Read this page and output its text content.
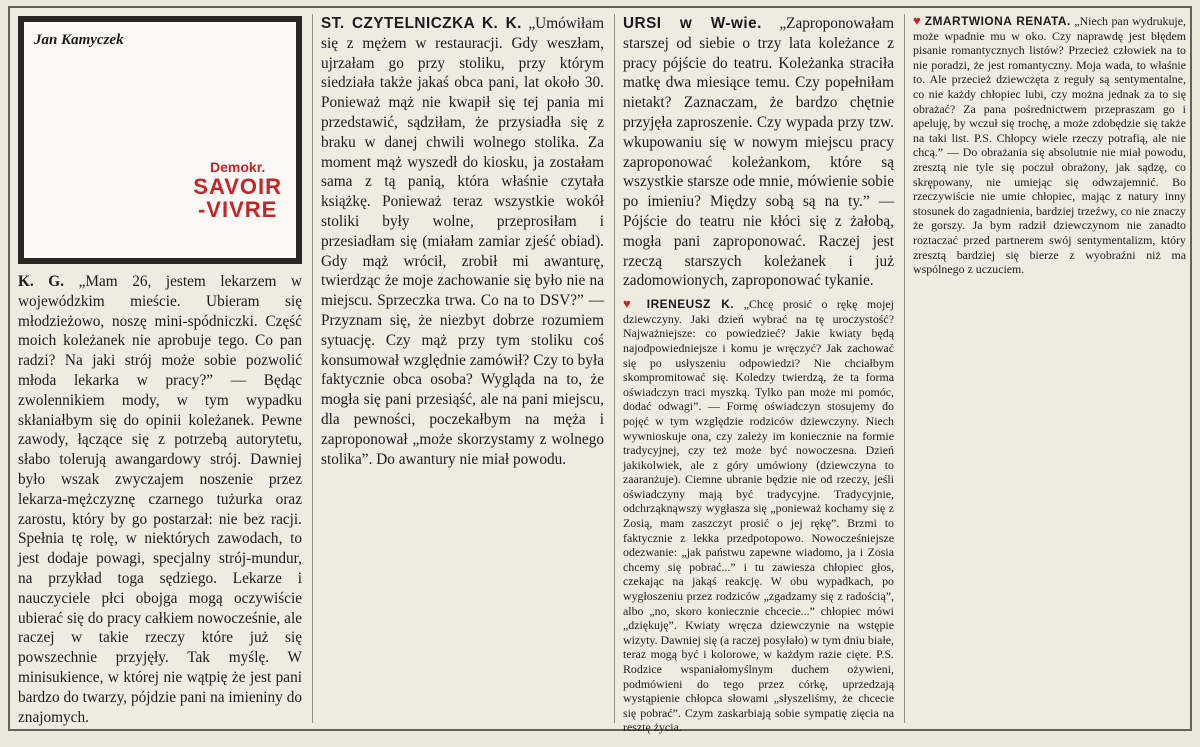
Jan Kamyczek
Demokr.
SAVOIR
-VIVRE

K. G. „Mam 26, jestem lekarzem w wojewódzkim mieście. Ubieram się młodzieżowo, noszę mini-spódniczki. Część moich koleżanek nie aprobuje tego. Co pan radzi? Na jaki strój może sobie pozwolić młoda lekarka w pracy?” — Będąc zwolennikiem mody, w tym wypadku skłaniałbym się do opinii koleżanek. Pewne zawody, łączące się z potrzebą autorytetu, słabo tolerują awangardowy strój. Dawniej było wszak zwyczajem noszenie przez lekarza-mężczyznę czarnego tużurka oraz zarostu, który by go postarzał: nie bez racji. Spełnia tę rolę, w niektórych zawodach, to jest dodaje powagi, specjalny strój-mundur, na przykład toga sędziego. Lekarze i nauczyciele płci obojga mogą oczywiście ubierać się do pracy całkiem nowocześnie, ale raczej w takie rzeczy które już się powszechnie przyjęły. Tak myślę. W minisukience, w której nie wątpię że jest pani bardzo do twarzy, pójdzie pani na imieniny do znajomych.

ST. CZYTELNICZKA K. K. „Umówiłam się z mężem w restauracji. Gdy weszłam, ujrzałam go przy stoliku, przy którym siedziała także jakaś obca pani, lat około 30. Ponieważ mąż nie kwapił się tej pania mi przedstawić, sądziłam, że przysiadła się z braku w danej chwili wolnego stolika. Za moment mąż wyszedł do kiosku, ja zostałam sama z tą panią, która właśnie czytała książkę. Ponieważ teraz wszystkie wokół stoliki były wolne, przeprosiłam i przesiadłam się (miałam zamiar zjeść obiad). Gdy mąż wrócił, zrobił mi awanturę, twierdząc że moje zachowanie się było nie na miejscu. Sprzeczka trwa. Co na to DSV?” — Przyznam się, że niezbyt dobrze rozumiem sytuację. Czy mąż przy tym stoliku coś konsumował względnie zamówił? Czy to była faktycznie obca osoba? Wygląda na to, że mogła się pani przesiąść, ale na pani miejscu, dla pewności, poczekałbym na męża i zaproponował „może skorzystamy z wolnego stolika”. Do awantury nie miał powodu.

URSI w W-wie. „Zaproponowałam starszej od siebie o trzy lata koleżance z pracy pójście do teatru. Koleżanka straciła matkę dwa miesiące temu. Czy popełniłam nietakt? Zaznaczam, że bardzo chętnie przyjęła zaproszenie. Czy wypada przy tzw. wkupowaniu się w nowym miejscu pracy zaproponować koleżankom, które są wszystkie starsze ode mnie, mówienie sobie po imieniu? Między sobą są na ty.” — Pójście do teatru nie kłóci się z żałobą, mogła pani zaproponować. Raczej jest rzeczą starszych koleżanek i już zadomowionych, zaproponować tykanie.

♥ IRENEUSZ K. „Chcę prosić o rękę mojej dziewczyny. Jaki dzień wybrać na tę uroczystość? Najważniejsze: co powiedzieć? Jakie kwiaty będą najodpowiedniejsze i komu je wręczyć? Jak zachować się po usłyszeniu odpowiedzi? Nie chciałbym skompromitować się. Koledzy twierdzą, że ta forma oświadczyn traci myszką. Tylko pan może mi pomóc, dodać odwagi”. — Formę oświadczyn stosujemy do pojęć w tym względzie rodziców dziewczyny. Niech wywnioskuje ona, czy zależy im koniecznie na formie tradycyjnej, czy też może być nowoczesna. Dzień jakikolwiek, ale z góry umówiony (dziewczyna to zaaranżuje). Ciemne ubranie będzie nie od rzeczy, jeśli oświadczyny mają być tradycyjne. Tradycyjnie, odchrząknąwszy wygłasza się „ponieważ kochamy się z Zosią, mam zaszczyt prosić o jej rękę”. Brzmi to faktycznie z lekka przedpotopowo. Nowocześniejsze odezwanie: „jak państwu zapewne wiadomo, ja i Zosia chcemy się pobrać...” i tu zawiesza chłopiec głos, czekając na jakąś reakcję. W obu wypadkach, po wygłoszeniu przez rodziców „zgadzamy się z radością”, albo „no, skoro koniecznie chcecie...” chłopiec mówi „dziękuję”. Kwiaty wręcza dziewczynie na wstępie wizyty. Dawniej się (a raczej posyłało) w tym dniu białe, teraz mogą być i kolorowe, w każdym razie cięte. P.S. Rodzice wspaniałomyślnym duchem ożywieni, podmówieni do tego przez córkę, uprzedzają wystąpienie chłopca słowami „słyszeliśmy, że chcecie się pobrać”. Czym zaskarbiają sobie sympatię zięcia na resztę życia.

♥ ZMARTWIONA RENATA. „Niech pan wydrukuje, może wpadnie mu w oko. Czy naprawdę jest błędem pisanie romantycznych listów? Przecież człowiek na to nie poradzi, że jest romantyczny. Moja wada, to właśnie to. Ale przecież dziewczęta z reguły są sentymentalne, co nie każdy chłopiec lubi, czy można jednak za to się obrażać? Za pana pośrednictwem przepraszam go i apeluję, by wczuł się trochę, a może zdobędzie się także na taki list. P.S. Chłopcy wiele rzeczy potrafią, ale nie chcą.” — Do obrażania się absolutnie nie miał powodu, zresztą nie tyle się poczuł obrażony, jak sądzę, co skrępowany, nie umiejąc się odwzajemnić. Bo rzeczywiście nie umie chłopiec, mając z natury inny stosunek do zagadnienia, bardziej trzeźwy, co nie znaczy że gorszy. Ja bym radził dziewczynom nie zanadto roztaczać przed partnerem swój sentymentalizm, który zresztą bardziej się bierze z wyobraźni niż ma wspólnego z uczuciem.
